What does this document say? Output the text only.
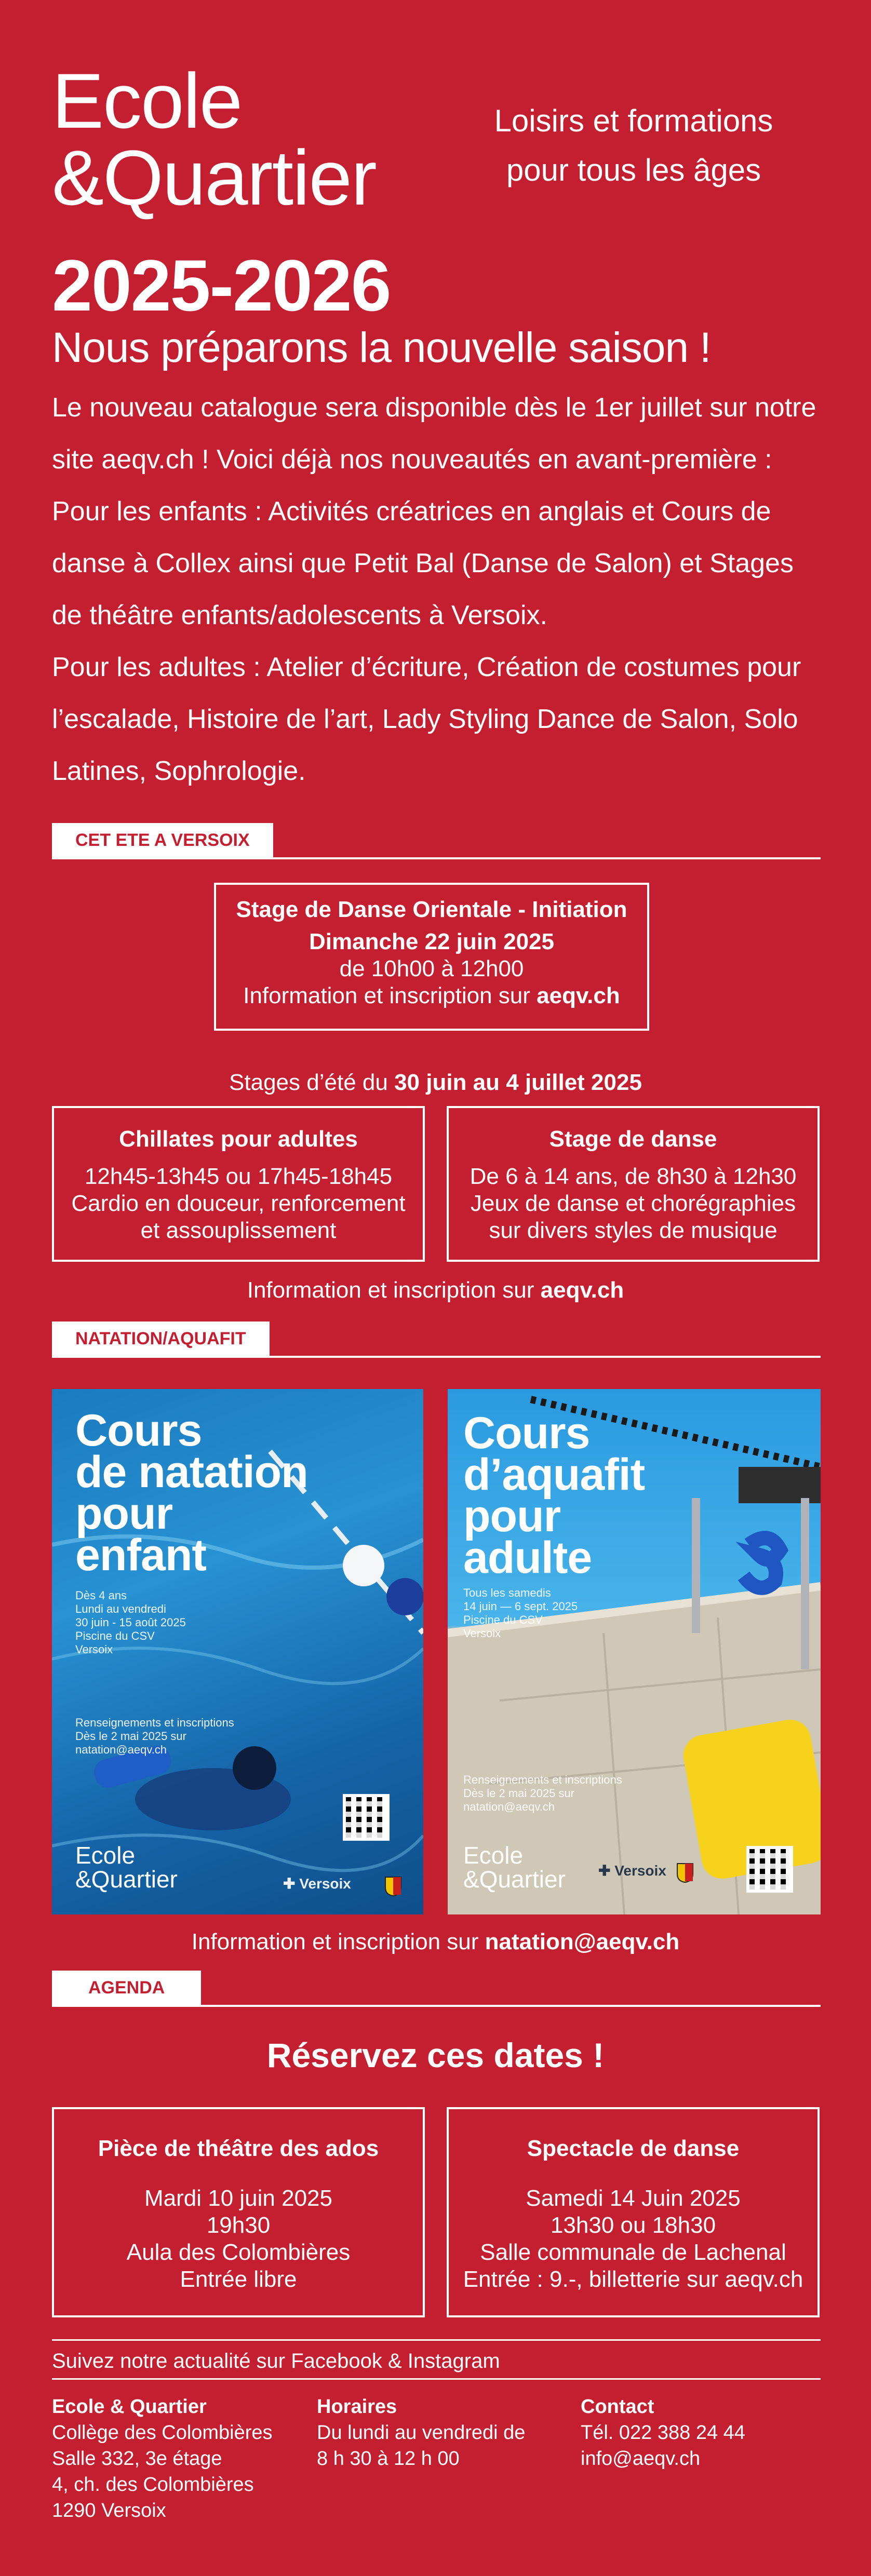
Ecole
&Quartier
Loisirs et formations
pour tous les âges
2025-2026
Nous préparons la nouvelle saison !
Le nouveau catalogue sera disponible dès le 1er juillet sur notre
site aeqv.ch ! Voici déjà nos nouveautés en avant-première :
Pour les enfants : Activités créatrices en anglais et Cours de
danse à Collex ainsi que Petit Bal (Danse de Salon) et Stages
de théâtre enfants/adolescents à Versoix.
Pour les adultes : Atelier d’écriture, Création de costumes pour
l’escalade, Histoire de l’art, Lady Styling Dance de Salon, Solo
Latines, Sophrologie.
CET ETE A VERSOIX
Stage de Danse Orientale - Initiation
Dimanche 22 juin 2025
de 10h00 à 12h00
Information et inscription sur aeqv.ch
Stages d’été du 30 juin au 4 juillet 2025
Chillates pour adultes
12h45-13h45 ou 17h45-18h45
Cardio en douceur, renforcement
et assouplissement
Stage de danse
De 6 à 14 ans, de 8h30 à 12h30
Jeux de danse et chorégraphies
sur divers styles de musique
Information et inscription sur aeqv.ch
NATATION/AQUAFIT
Cours
de natation
pour
enfant
Dès 4 ans
Lundi au vendredi
30 juin - 15 août 2025
Piscine du CSV
Versoix
Renseignements et inscriptions
Dès le 2 mai 2025 sur
natation@aeqv.ch
Ecole
&Quartier	✚ Versoix
Cours
d’aquafit
pour
adulte
Tous les samedis
14 juin — 6 sept. 2025
Piscine du CSV
Versoix
Renseignements et inscriptions
Dès le 2 mai 2025 sur
natation@aeqv.ch
Ecole
&Quartier ✚ Versoix
Information et inscription sur natation@aeqv.ch
AGENDA
Réservez ces dates !
Pièce de théâtre des ados
Mardi 10 juin 2025
19h30
Aula des Colombières
Entrée libre
Spectacle de danse
Samedi 14 Juin 2025
13h30 ou 18h30
Salle communale de Lachenal
Entrée : 9.-, billetterie sur aeqv.ch
Suivez notre actualité sur Facebook & Instagram
Ecole & Quartier
Collège des Colombières
Salle 332, 3e étage
4, ch. des Colombières
1290 Versoix
Horaires
Du lundi au vendredi de
8 h 30 à 12 h 00
Contact
Tél. 022 388 24 44
info@aeqv.ch
